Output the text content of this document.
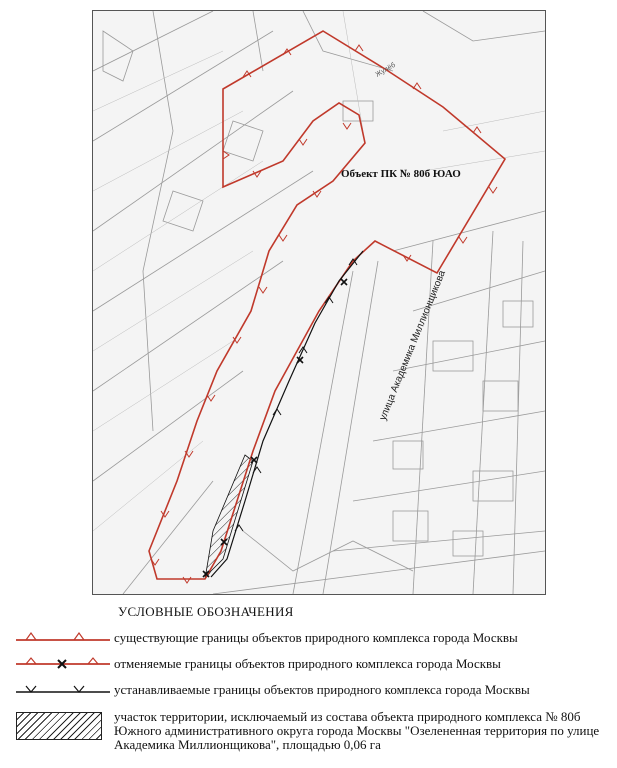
Объект ПК № 80б ЮАО
улица Академика Миллионщикова
Жулёб
УСЛОВНЫЕ ОБОЗНАЧЕНИЯ
существующие границы объектов природного комплекса города Москвы
отменяемые границы объектов природного комплекса города Москвы
устанавливаемые границы объектов природного комплекса города Москвы
участок территории, исключаемый из состава объекта природного комплекса № 80б Южного административного округа города Москвы "Озелененная территория по улице Академика Миллионщикова", площадью 0,06 га
